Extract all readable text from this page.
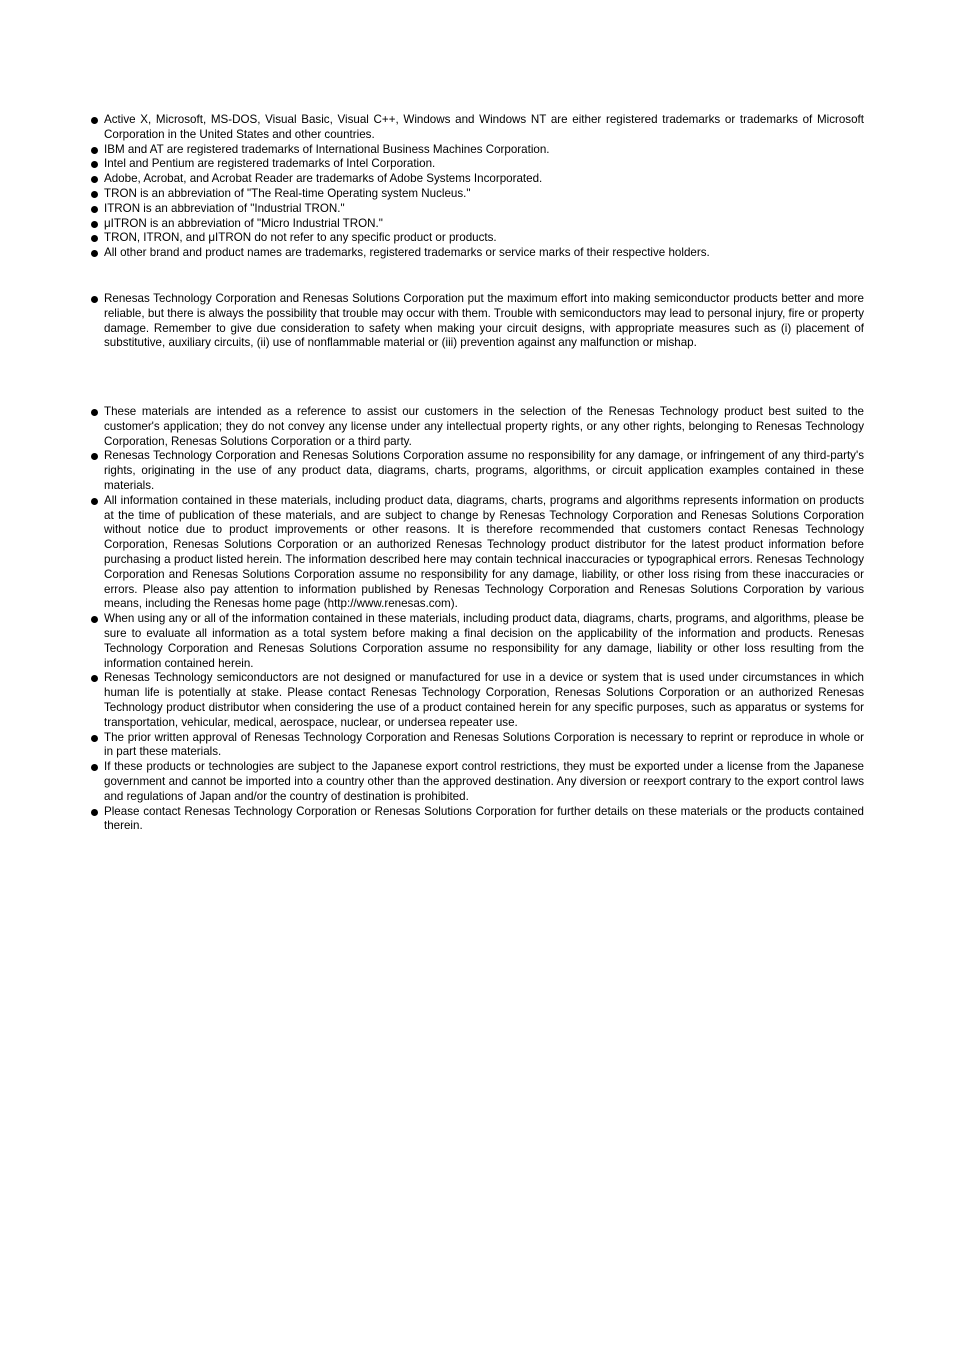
Active X, Microsoft, MS-DOS, Visual Basic, Visual C++, Windows and Windows NT are either registered trademarks or trademarks of Microsoft Corporation in the United States and other countries.
IBM and AT are registered trademarks of International Business Machines Corporation.
Intel and Pentium are registered trademarks of Intel Corporation.
Adobe, Acrobat, and Acrobat Reader are trademarks of Adobe Systems Incorporated.
TRON is an abbreviation of "The Real-time Operating system Nucleus."
ITRON is an abbreviation of "Industrial TRON."
μITRON is an abbreviation of "Micro Industrial TRON."
TRON, ITRON, and μITRON do not refer to any specific product or products.
All other brand and product names are trademarks, registered trademarks or service marks of their respective holders.
Renesas Technology Corporation and Renesas Solutions Corporation put the maximum effort into making semiconductor products better and more reliable, but there is always the possibility that trouble may occur with them. Trouble with semiconductors may lead to personal injury, fire or property damage. Remember to give due consideration to safety when making your circuit designs, with appropriate measures such as (i) placement of substitutive, auxiliary circuits, (ii) use of nonflammable material or (iii) prevention against any malfunction or mishap.
These materials are intended as a reference to assist our customers in the selection of the Renesas Technology product best suited to the customer's application; they do not convey any license under any intellectual property rights, or any other rights, belonging to Renesas Technology Corporation, Renesas Solutions Corporation or a third party.
Renesas Technology Corporation and Renesas Solutions Corporation assume no responsibility for any damage, or infringement of any third-party's rights, originating in the use of any product data, diagrams, charts, programs, algorithms, or circuit application examples contained in these materials.
All information contained in these materials, including product data, diagrams, charts, programs and algorithms represents information on products at the time of publication of these materials, and are subject to change by Renesas Technology Corporation and Renesas Solutions Corporation without notice due to product improvements or other reasons. It is therefore recommended that customers contact Renesas Technology Corporation, Renesas Solutions Corporation or an authorized Renesas Technology product distributor for the latest product information before purchasing a product listed herein. The information described here may contain technical inaccuracies or typographical errors. Renesas Technology Corporation and Renesas Solutions Corporation assume no responsibility for any damage, liability, or other loss rising from these inaccuracies or errors. Please also pay attention to information published by Renesas Technology Corporation and Renesas Solutions Corporation by various means, including the Renesas home page (http://www.renesas.com).
When using any or all of the information contained in these materials, including product data, diagrams, charts, programs, and algorithms, please be sure to evaluate all information as a total system before making a final decision on the applicability of the information and products. Renesas Technology Corporation and Renesas Solutions Corporation assume no responsibility for any damage, liability or other loss resulting from the information contained herein.
Renesas Technology semiconductors are not designed or manufactured for use in a device or system that is used under circumstances in which human life is potentially at stake. Please contact Renesas Technology Corporation, Renesas Solutions Corporation or an authorized Renesas Technology product distributor when considering the use of a product contained herein for any specific purposes, such as apparatus or systems for transportation, vehicular, medical, aerospace, nuclear, or undersea repeater use.
The prior written approval of Renesas Technology Corporation and Renesas Solutions Corporation is necessary to reprint or reproduce in whole or in part these materials.
If these products or technologies are subject to the Japanese export control restrictions, they must be exported under a license from the Japanese government and cannot be imported into a country other than the approved destination. Any diversion or reexport contrary to the export control laws and regulations of Japan and/or the country of destination is prohibited.
Please contact Renesas Technology Corporation or Renesas Solutions Corporation for further details on these materials or the products contained therein.
